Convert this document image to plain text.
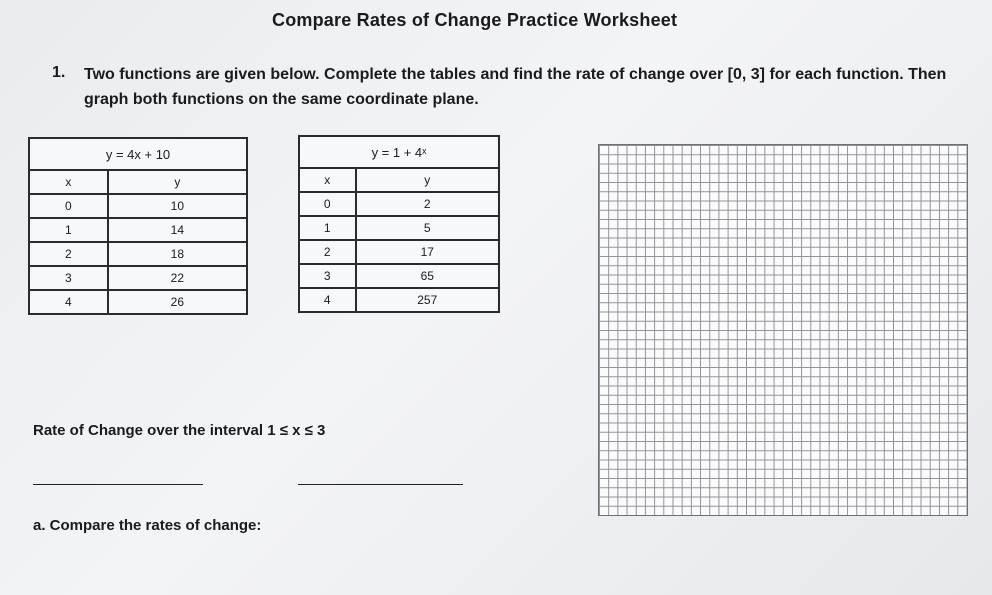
Compare Rates of Change Practice Worksheet
1. Two functions are given below. Complete the tables and find the rate of change over [0, 3] for each function. Then graph both functions on the same coordinate plane.
y = 4x + 10	
x	y
0	10
1	14
2	18
3	22
4	26
y = 1 + 4ˣ	
x	y
0	2
1	5
2	17
3	65
4	257
Rate of Change over the interval 1 ≤ x ≤ 3
a. Compare the rates of change:
